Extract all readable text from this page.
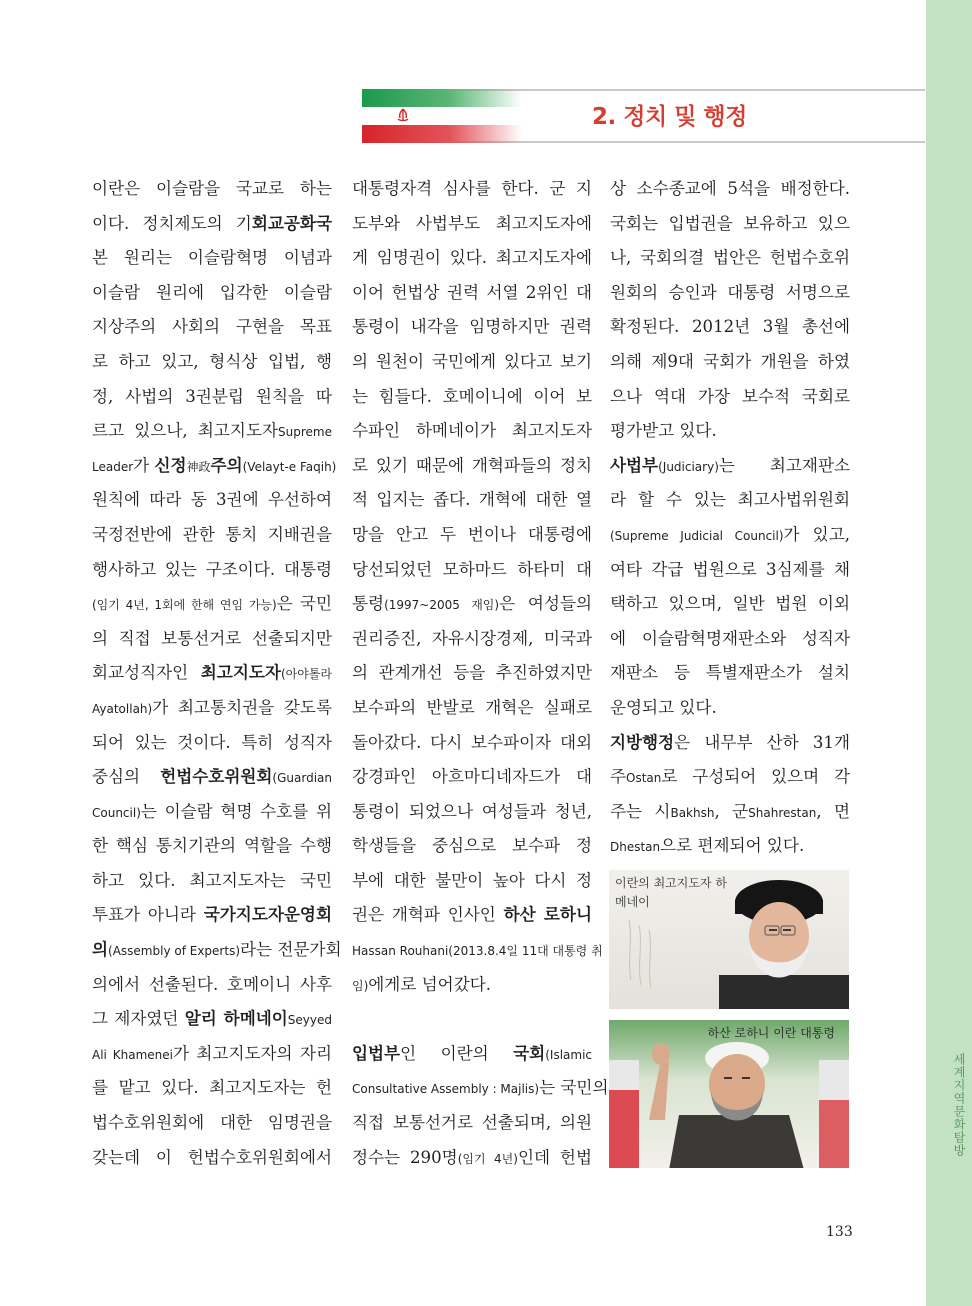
세계지역문화탐방
2. 정치 및 행정

이란은 이슬람을 국교로 하는

이다. 정치제도의 기회교공화국

본 원리는 이슬람혁명 이념과

이슬람 원리에 입각한 이슬람

지상주의 사회의 구현을 목표

로 하고 있고, 형식상 입법, 행

정, 사법의 3권분립 원칙을 따

르고 있으나, 최고지도자Supreme

Leader가 신정神政주의(Velayt-e Faqih)

원칙에 따라 동 3권에 우선하여

국정전반에 관한 통치 지배권을

행사하고 있는 구조이다. 대통령

(임기 4년, 1회에 한해 연임 가능)은 국민

의 직접 보통선거로 선출되지만

회교성직자인 최고지도자(아야톨라

Ayatollah)가 최고통치권을 갖도록

되어 있는 것이다. 특히 성직자

중심의 헌법수호위원회(Guardian

Council)는 이슬람 혁명 수호를 위

한 핵심 통치기관의 역할을 수행

하고 있다. 최고지도자는 국민

투표가 아니라 국가지도자운영회

의(Assembly of Experts)라는 전문가회

의에서 선출된다. 호메이니 사후

그 제자였던 알리 하메네이Seyyed

Ali Khamenei가 최고지도자의 자리

를 맡고 있다. 최고지도자는 헌

법수호위원회에 대한 임명권을

갖는데 이 헌법수호위원회에서

대통령자격 심사를 한다. 군 지

도부와 사법부도 최고지도자에

게 임명권이 있다. 최고지도자에

이어 헌법상 권력 서열 2위인 대

통령이 내각을 임명하지만 권력

의 원천이 국민에게 있다고 보기

는 힘들다. 호메이니에 이어 보

수파인 하메네이가 최고지도자

로 있기 때문에 개혁파들의 정치

적 입지는 좁다. 개혁에 대한 열

망을 안고 두 번이나 대통령에

당선되었던 모하마드 하타미 대

통령(1997~2005 재임)은 여성들의

권리증진, 자유시장경제, 미국과

의 관계개선 등을 추진하였지만

보수파의 반발로 개혁은 실패로

돌아갔다. 다시 보수파이자 대외

강경파인 아흐마디네자드가 대

통령이 되었으나 여성들과 청년,

학생들을 중심으로 보수파 정

부에 대한 불만이 높아 다시 정

권은 개혁파 인사인 하산 로하니

Hassan Rouhani(2013.8.4일 11대 대통령 취

임)에게로 넘어갔다.

입법부인 이란의 국회(Islamic

Consultative Assembly : Majlis)는 국민의

직접 보통선거로 선출되며, 의원

정수는 290명(임기 4년)인데 헌법

상 소수종교에 5석을 배정한다.

국회는 입법권을 보유하고 있으

나, 국회의결 법안은 헌법수호위

원회의 승인과 대통령 서명으로

확정된다. 2012년 3월 총선에

의해 제9대 국회가 개원을 하였

으나 역대 가장 보수적 국회로

평가받고 있다.

사법부(Judiciary)는 최고재판소

라 할 수 있는 최고사법위원회

(Supreme Judicial Council)가 있고,

여타 각급 법원으로 3심제를 채

택하고 있으며, 일반 법원 이외

에 이슬람혁명재판소와 성직자

재판소 등 특별재판소가 설치

운영되고 있다.

지방행정은 내무부 산하 31개

주Ostan로 구성되어 있으며 각

주는 시Bakhsh, 군Shahrestan, 면

Dhestan으로 편제되어 있다.

이란의 최고지도자 하메네이
하산 로하니 이란 대통령
133
